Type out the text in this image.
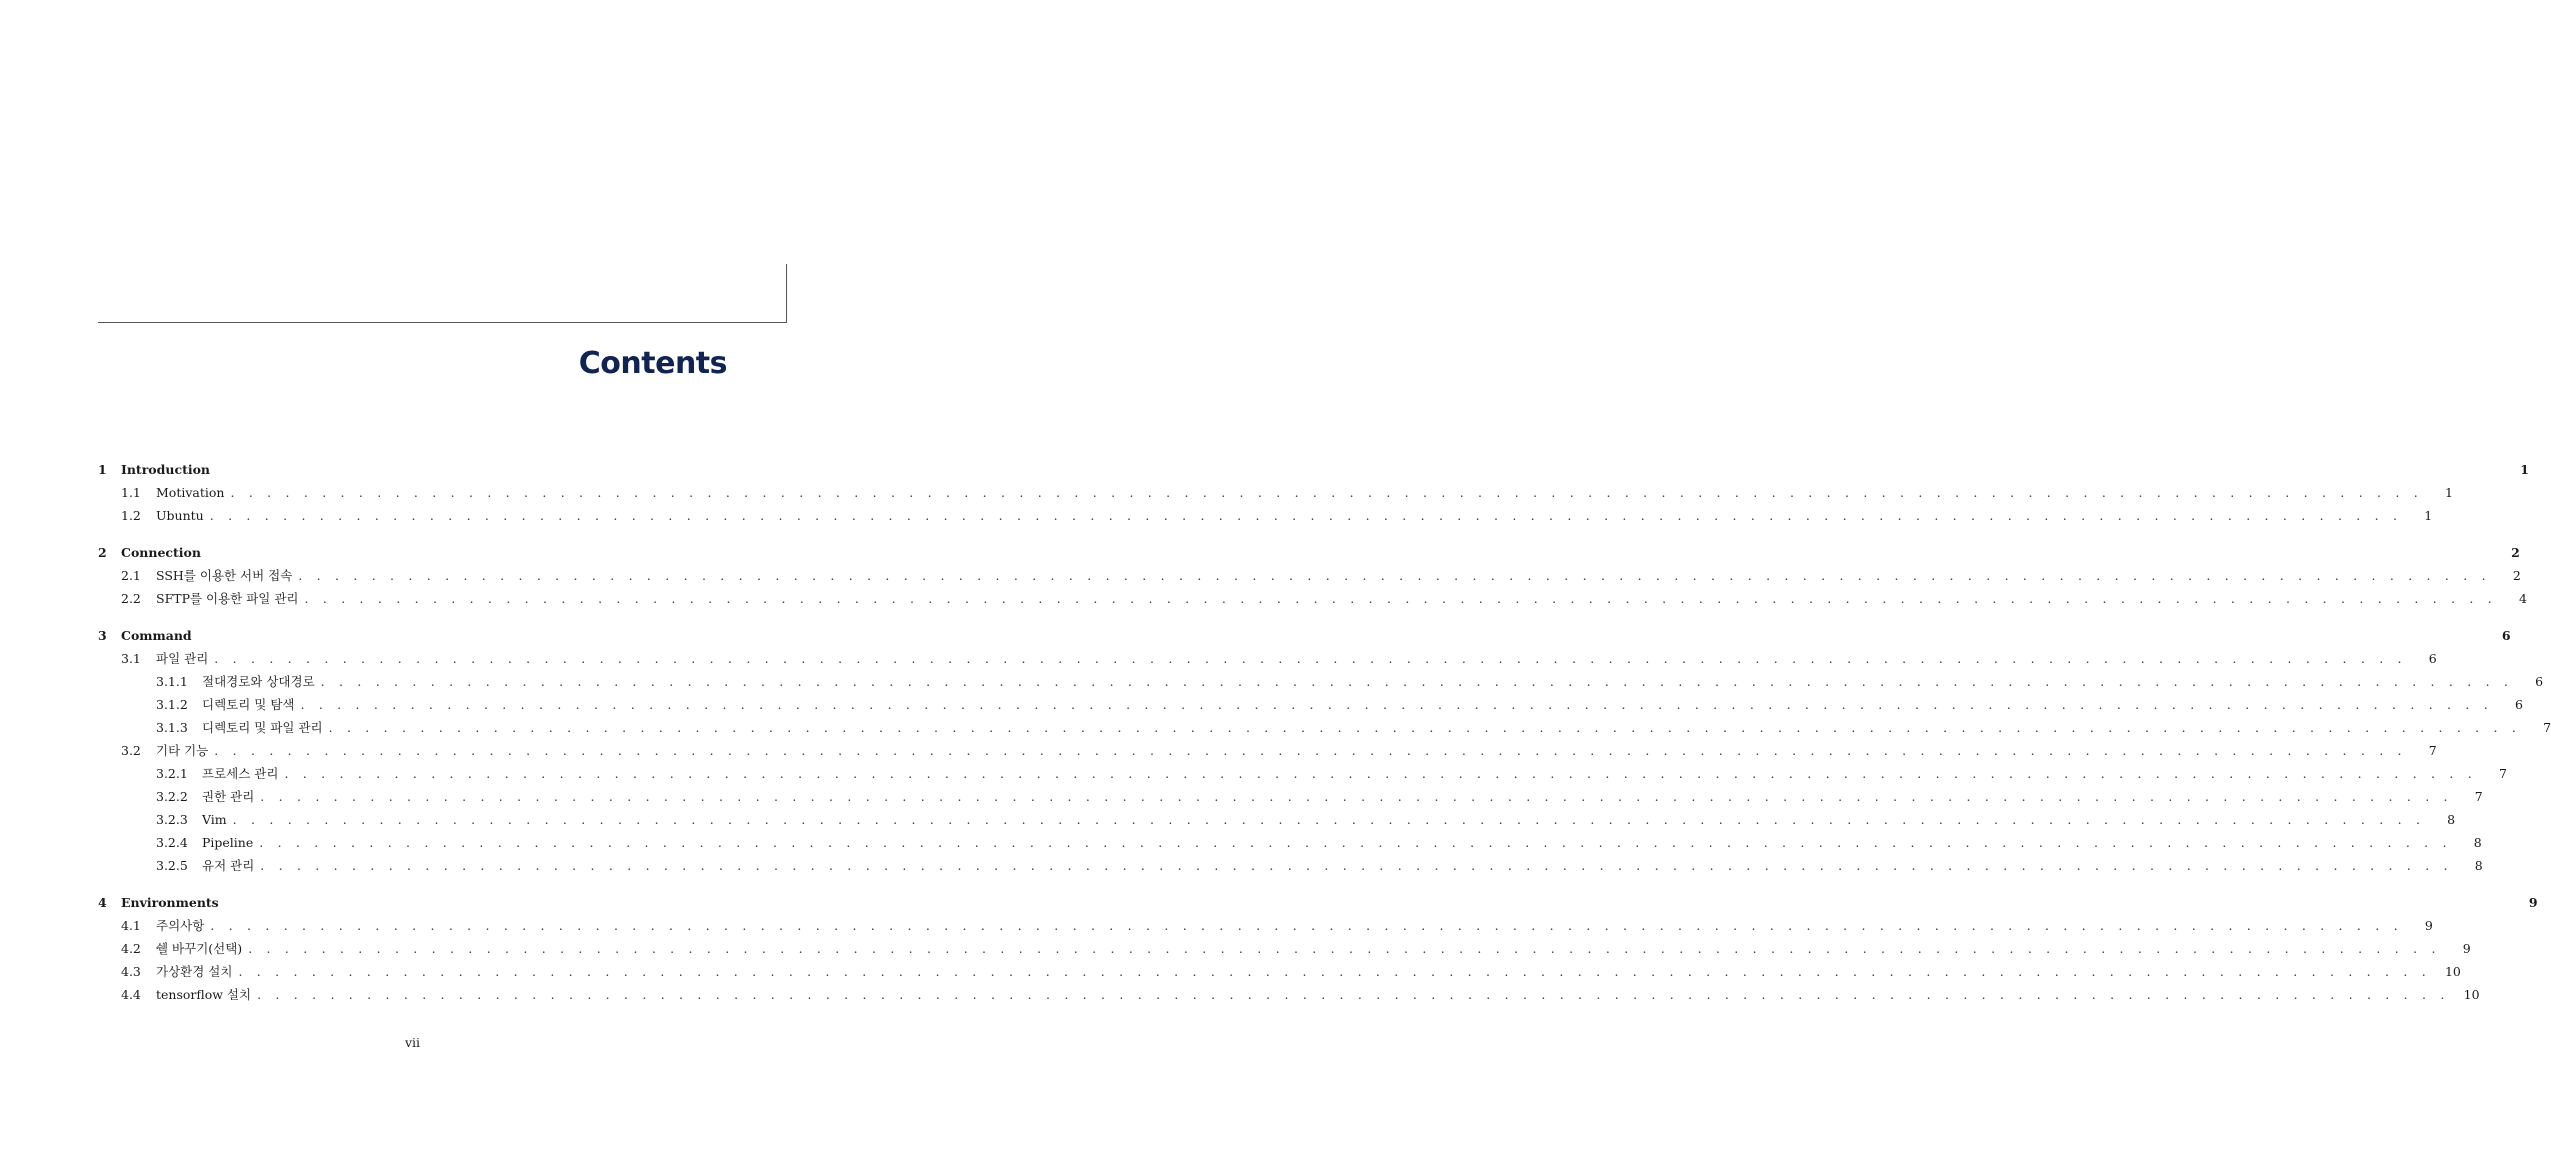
Contents
1	Introduction	1
1.1	Motivation . . . . . . . . . . . . . . . . . . . . . . . . . . . . . . . . . . . . . . . . . . . . . . . . . . . . . . . . . . . . . . . . . . . . . . . . . . . . . . . . . . . . . . . . . . . . . . . . . . . . . . . . . . . . . . . . . . . . . . . .	1
1.2	Ubuntu . . . . . . . . . . . . . . . . . . . . . . . . . . . . . . . . . . . . . . . . . . . . . . . . . . . . . . . . . . . . . . . . . . . . . . . . . . . . . . . . . . . . . . . . . . . . . . . . . . . . . . . . . . . . . . . . . . . . . . . .	1
2	Connection	2
2.1	SSH를 이용한 서버 접속 . . . . . . . . . . . . . . . . . . . . . . . . . . . . . . . . . . . . . . . . . . . . . . . . . . . . . . . . . . . . . . . . . . . . . . . . . . . . . . . . . . . . . . . . . . . . . . . . . . . . . . . . . . . . . . . . . . . . . . . .	2
2.2	SFTP를 이용한 파일 관리 . . . . . . . . . . . . . . . . . . . . . . . . . . . . . . . . . . . . . . . . . . . . . . . . . . . . . . . . . . . . . . . . . . . . . . . . . . . . . . . . . . . . . . . . . . . . . . . . . . . . . . . . . . . . . . . . . . . . . . . .	4
3	Command	6
3.1	파일 관리 . . . . . . . . . . . . . . . . . . . . . . . . . . . . . . . . . . . . . . . . . . . . . . . . . . . . . . . . . . . . . . . . . . . . . . . . . . . . . . . . . . . . . . . . . . . . . . . . . . . . . . . . . . . . . . . . . . . . . . . .	6
3.1.1	절대경로와 상대경로 . . . . . . . . . . . . . . . . . . . . . . . . . . . . . . . . . . . . . . . . . . . . . . . . . . . . . . . . . . . . . . . . . . . . . . . . . . . . . . . . . . . . . . . . . . . . . . . . . . . . . . . . . . . . . . . . . . . . . . . .	6
3.1.2	디렉토리 및 탐색 . . . . . . . . . . . . . . . . . . . . . . . . . . . . . . . . . . . . . . . . . . . . . . . . . . . . . . . . . . . . . . . . . . . . . . . . . . . . . . . . . . . . . . . . . . . . . . . . . . . . . . . . . . . . . . . . . . . . . . . .	6
3.1.3	디렉토리 및 파일 관리 . . . . . . . . . . . . . . . . . . . . . . . . . . . . . . . . . . . . . . . . . . . . . . . . . . . . . . . . . . . . . . . . . . . . . . . . . . . . . . . . . . . . . . . . . . . . . . . . . . . . . . . . . . . . . . . . . . . . . . . .	7
3.2	기타 기능 . . . . . . . . . . . . . . . . . . . . . . . . . . . . . . . . . . . . . . . . . . . . . . . . . . . . . . . . . . . . . . . . . . . . . . . . . . . . . . . . . . . . . . . . . . . . . . . . . . . . . . . . . . . . . . . . . . . . . . . .	7
3.2.1	프로세스 관리 . . . . . . . . . . . . . . . . . . . . . . . . . . . . . . . . . . . . . . . . . . . . . . . . . . . . . . . . . . . . . . . . . . . . . . . . . . . . . . . . . . . . . . . . . . . . . . . . . . . . . . . . . . . . . . . . . . . . . . . .	7
3.2.2	권한 관리 . . . . . . . . . . . . . . . . . . . . . . . . . . . . . . . . . . . . . . . . . . . . . . . . . . . . . . . . . . . . . . . . . . . . . . . . . . . . . . . . . . . . . . . . . . . . . . . . . . . . . . . . . . . . . . . . . . . . . . . .	7
3.2.3	Vim . . . . . . . . . . . . . . . . . . . . . . . . . . . . . . . . . . . . . . . . . . . . . . . . . . . . . . . . . . . . . . . . . . . . . . . . . . . . . . . . . . . . . . . . . . . . . . . . . . . . . . . . . . . . . . . . . . . . . . . .	8
3.2.4	Pipeline . . . . . . . . . . . . . . . . . . . . . . . . . . . . . . . . . . . . . . . . . . . . . . . . . . . . . . . . . . . . . . . . . . . . . . . . . . . . . . . . . . . . . . . . . . . . . . . . . . . . . . . . . . . . . . . . . . . . . . . .	8
3.2.5	유저 관리 . . . . . . . . . . . . . . . . . . . . . . . . . . . . . . . . . . . . . . . . . . . . . . . . . . . . . . . . . . . . . . . . . . . . . . . . . . . . . . . . . . . . . . . . . . . . . . . . . . . . . . . . . . . . . . . . . . . . . . . .	8
4	Environments	9
4.1	주의사항 . . . . . . . . . . . . . . . . . . . . . . . . . . . . . . . . . . . . . . . . . . . . . . . . . . . . . . . . . . . . . . . . . . . . . . . . . . . . . . . . . . . . . . . . . . . . . . . . . . . . . . . . . . . . . . . . . . . . . . . .	9
4.2	쉘 바꾸기(선택) . . . . . . . . . . . . . . . . . . . . . . . . . . . . . . . . . . . . . . . . . . . . . . . . . . . . . . . . . . . . . . . . . . . . . . . . . . . . . . . . . . . . . . . . . . . . . . . . . . . . . . . . . . . . . . . . . . . . . . . .	9
4.3	가상환경 설치 . . . . . . . . . . . . . . . . . . . . . . . . . . . . . . . . . . . . . . . . . . . . . . . . . . . . . . . . . . . . . . . . . . . . . . . . . . . . . . . . . . . . . . . . . . . . . . . . . . . . . . . . . . . . . . . . . . . . . . . .	10
4.4	tensorflow 설치 . . . . . . . . . . . . . . . . . . . . . . . . . . . . . . . . . . . . . . . . . . . . . . . . . . . . . . . . . . . . . . . . . . . . . . . . . . . . . . . . . . . . . . . . . . . . . . . . . . . . . . . . . . . . . . . . . . . . . . . .	10
vii
